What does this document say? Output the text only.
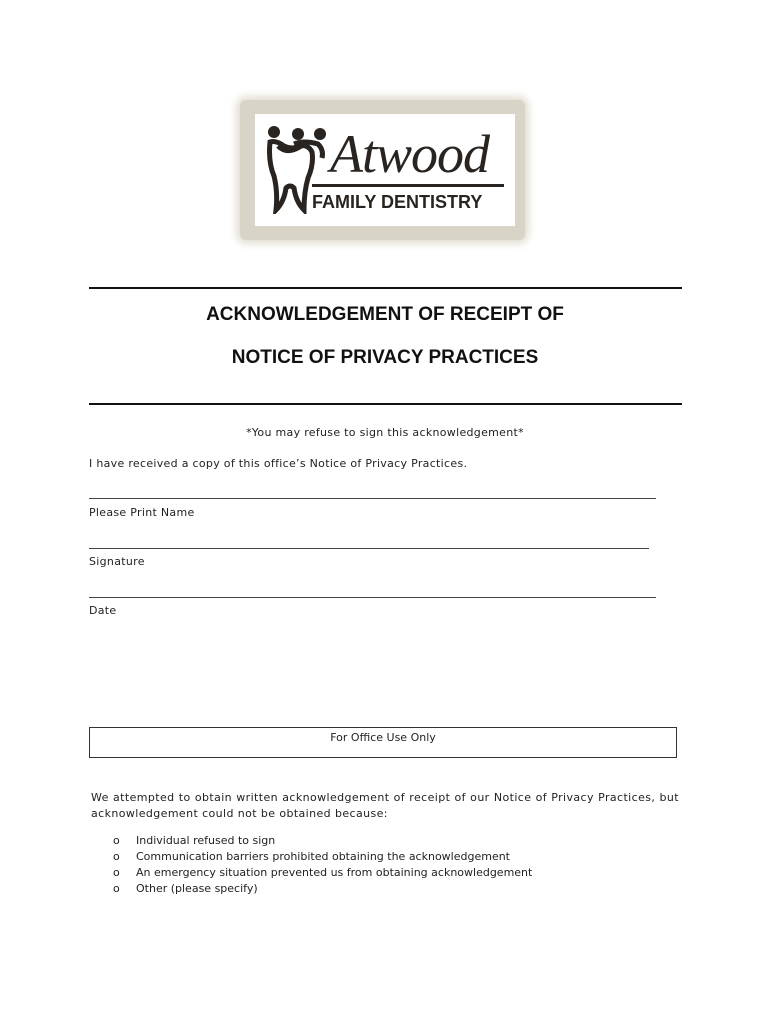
Atwood
FAMILY DENTISTRY
ACKNOWLEDGEMENT OF RECEIPT OF
NOTICE OF PRIVACY PRACTICES
*You may refuse to sign this acknowledgement*
I have received a copy of this office’s Notice of Privacy Practices.
Please Print Name
Signature
Date
For Office Use Only
We attempted to obtain written acknowledgement of receipt of our Notice of Privacy Practices, but acknowledgement could not be obtained because:
o	Individual refused to sign
o	Communication barriers prohibited obtaining the acknowledgement
o	An emergency situation prevented us from obtaining acknowledgement
o	Other (please specify)
